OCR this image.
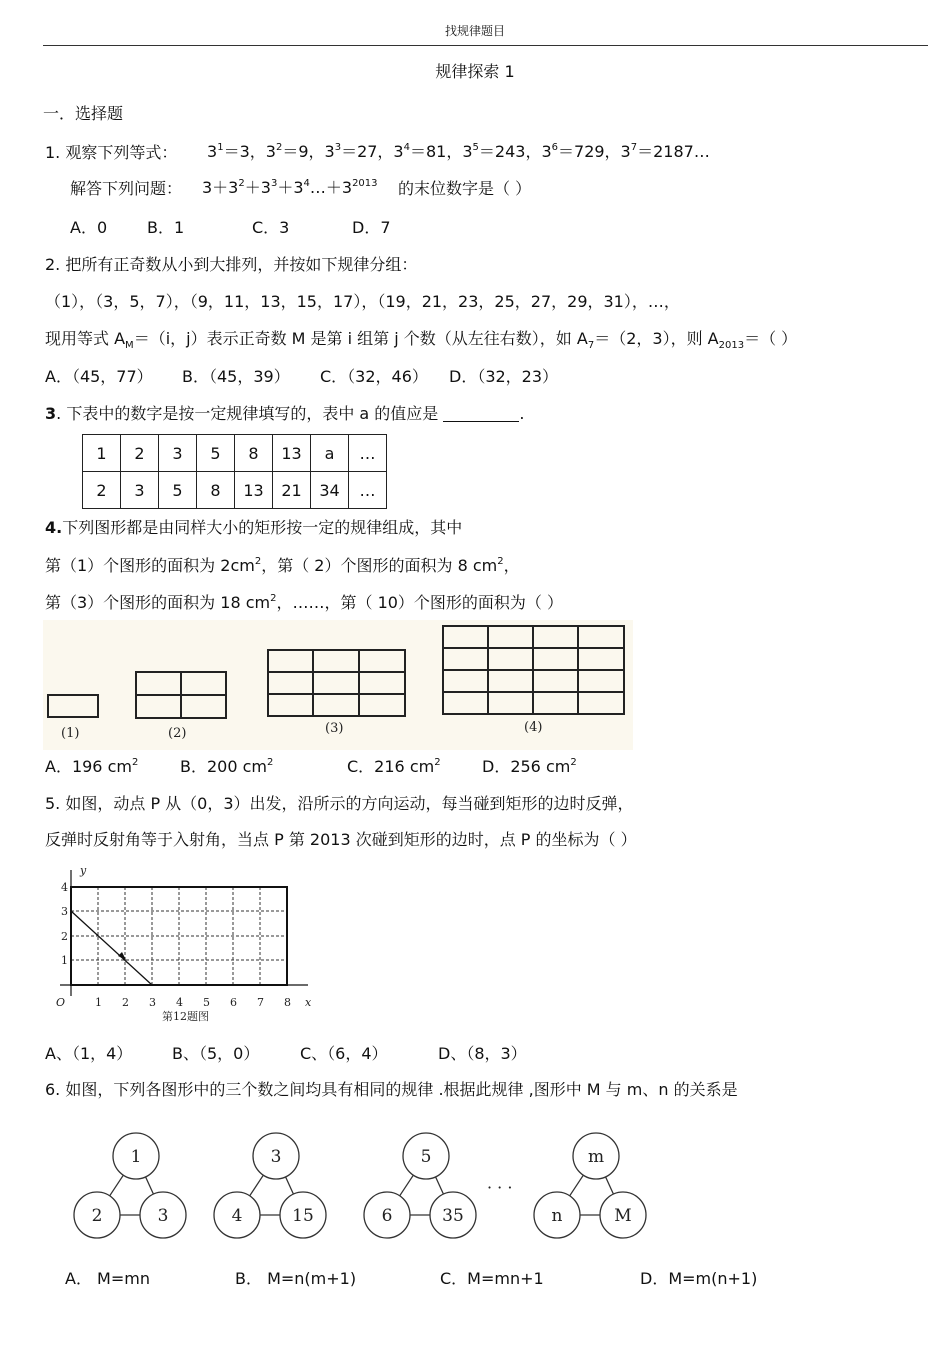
找规律题目
规律探索 1
一．选择题
1. 观察下列等式： $3^1=3$，$3^2=9$，$3^3=27$，$3^4=81$，$3^5=243$，$3^6=729$，$3^7=2187\dots$
解答下列问题： $3+3^2+3^3+3^4\dots+3^{2013}$ 的末位数字是（ ）
A．0 B．1	C．3	D．7
2. 把所有正奇数从小到大排列，并按如下规律分组：
（1），（3，5，7），（9，11，13，15，17），（19，21，23，25，27，29，31），…，
现用等式 $A_M=(i$，j）表示正奇数 M 是第 i 组第 j 个数（从左往右数），如 $A_7=(2$，3），则 $A_{2013}=$（ ）
A．（45，77） B．（45，39） C．（32，46） D．（32，23）
3. 下表中的数字是按一定规律填写的，表中 a 的值应是	.
1	2	3	5	8	13	a	…
2	3	5	8	13	21	34	…
4.下列图形都是由同样大小的矩形按一定的规律组成，其中
第（1）个图形的面积为 $2cm^2$，第（ 2）个图形的面积为 8 $cm^2$，
第（3）个图形的面积为 18 $cm^2$，……，第（ 10）个图形的面积为（ ）
(1)	(2)	(3)	(4)
A．196 $cm^2$	B．200 $cm^2$	C．216 $cm^2$	D．256 $cm^2$
5. 如图，动点 P 从（0，3）出发，沿所示的方向运动，每当碰到矩形的边时反弹，
反弹时反射角等于入射角，当点 P 第 2013 次碰到矩形的边时，点 P 的坐标为（ ）
4
3
2
1
1 2 3 4 5 6 7 8 x
y
O
第12题图
A、（1，4） B、（5，0）	C、（6，4）	D、（8，3）
6. 如图，下列各图形中的三个数之间均具有相同的规律 .根据此规律 ,图形中 M 与 m、n 的关系是
· · ·
1
2	3
3
4	15
5
6	35
m
n	M
A． M=mn	B． M=n(m+1)	C．M=mn+1	D．M=m(n+1)
